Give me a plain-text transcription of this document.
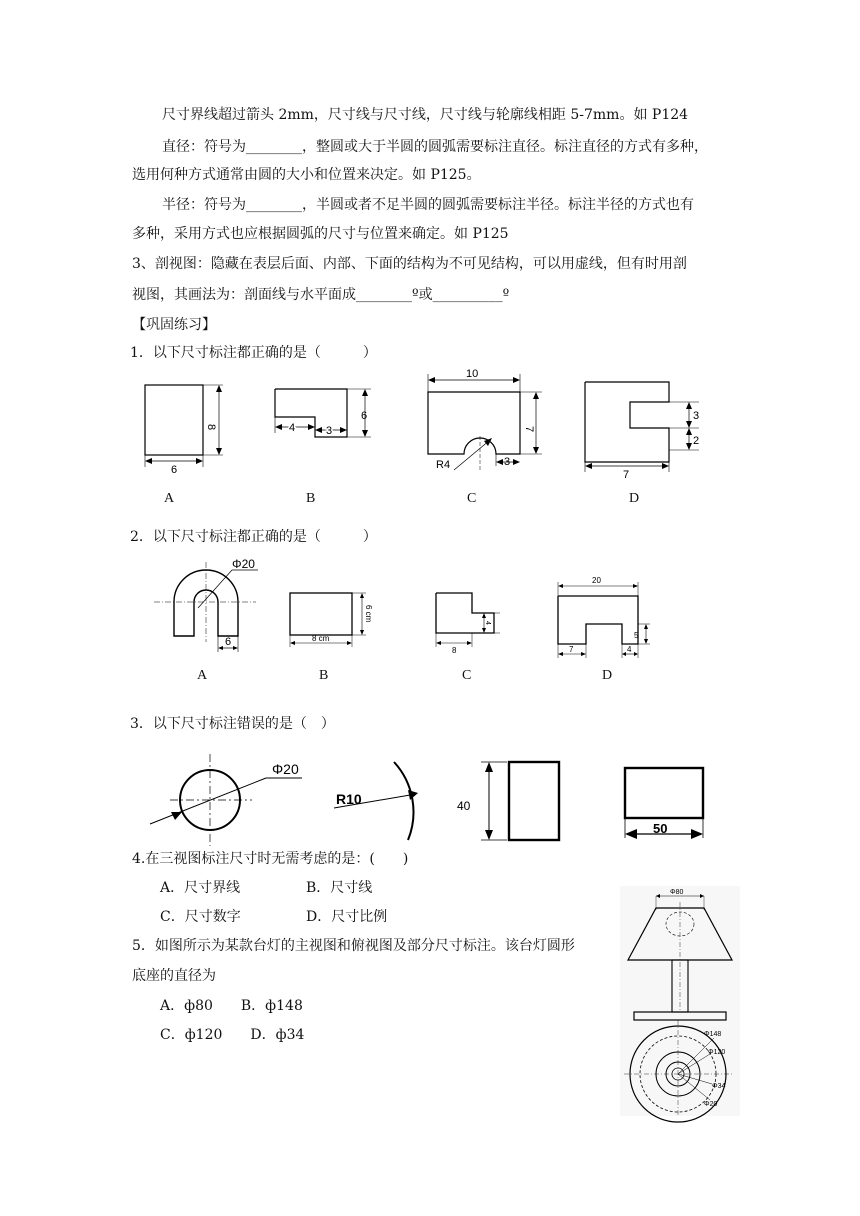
尺寸界线超过箭头 2mm，尺寸线与尺寸线，尺寸线与轮廓线相距 5-7mm。如 P124
直径：符号为________，整圆或大于半圆的圆弧需要标注直径。标注直径的方式有多种，
选用何种方式通常由圆的大小和位置来决定。如 P125。
半径：符号为________，半圆或者不足半圆的圆弧需要标注半径。标注半径的方式也有
多种，采用方式也应根据圆弧的尺寸与位置来确定。如 P125
3、剖视图：隐藏在表层后面、内部、下面的结构为不可见结构，可以用虚线，但有时用剖
视图，其画法为：剖面线与水平面成________º或__________º
【巩固练习】
1．以下尺寸标注都正确的是（　　　）
8
6
6
4	3
10
7
R4	3
3
2
7
A	B	C	D
2．以下尺寸标注都正确的是（　　　）
Φ20
6
6 cm
8 cm
4
8
20
5
7	4
A	B	C	D
3．以下尺寸标注错误的是（　）
Φ20
R10	40
50
4.在三视图标注尺寸时无需考虑的是：(　　)
A．尺寸界线	B．尺寸线
C．尺寸数字	D．尺寸比例
5．如图所示为某款台灯的主视图和俯视图及部分尺寸标注。该台灯圆形
底座的直径为
A．ф80　　B．ф148
C．ф120　　D．ф34
Φ80
Φ148
Φ120
Φ34
Φ20
